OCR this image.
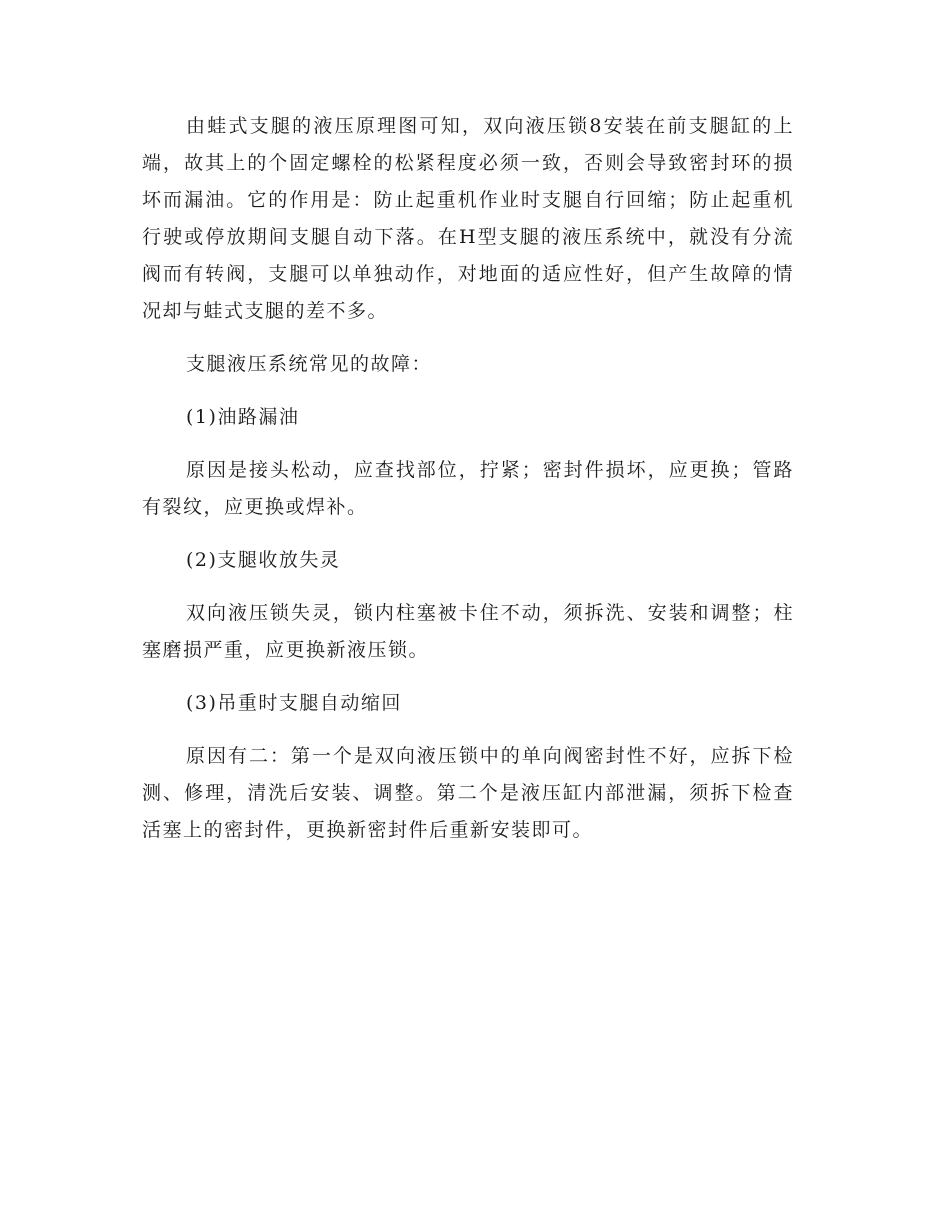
由蛙式支腿的液压原理图可知，双向液压锁8安装在前支腿缸的上端，故其上的个固定螺栓的松紧程度必须一致，否则会导致密封环的损坏而漏油。它的作用是：防止起重机作业时支腿自行回缩；防止起重机行驶或停放期间支腿自动下落。在H型支腿的液压系统中，就没有分流阀而有转阀，支腿可以单独动作，对地面的适应性好，但产生故障的情况却与蛙式支腿的差不多。

支腿液压系统常见的故障：

(1)油路漏油

原因是接头松动，应查找部位，拧紧；密封件损坏，应更换；管路有裂纹，应更换或焊补。

(2)支腿收放失灵

双向液压锁失灵，锁内柱塞被卡住不动，须拆洗、安装和调整；柱塞磨损严重，应更换新液压锁。

(3)吊重时支腿自动缩回

原因有二：第一个是双向液压锁中的单向阀密封性不好，应拆下检测、修理，清洗后安装、调整。第二个是液压缸内部泄漏，须拆下检查活塞上的密封件，更换新密封件后重新安装即可。
